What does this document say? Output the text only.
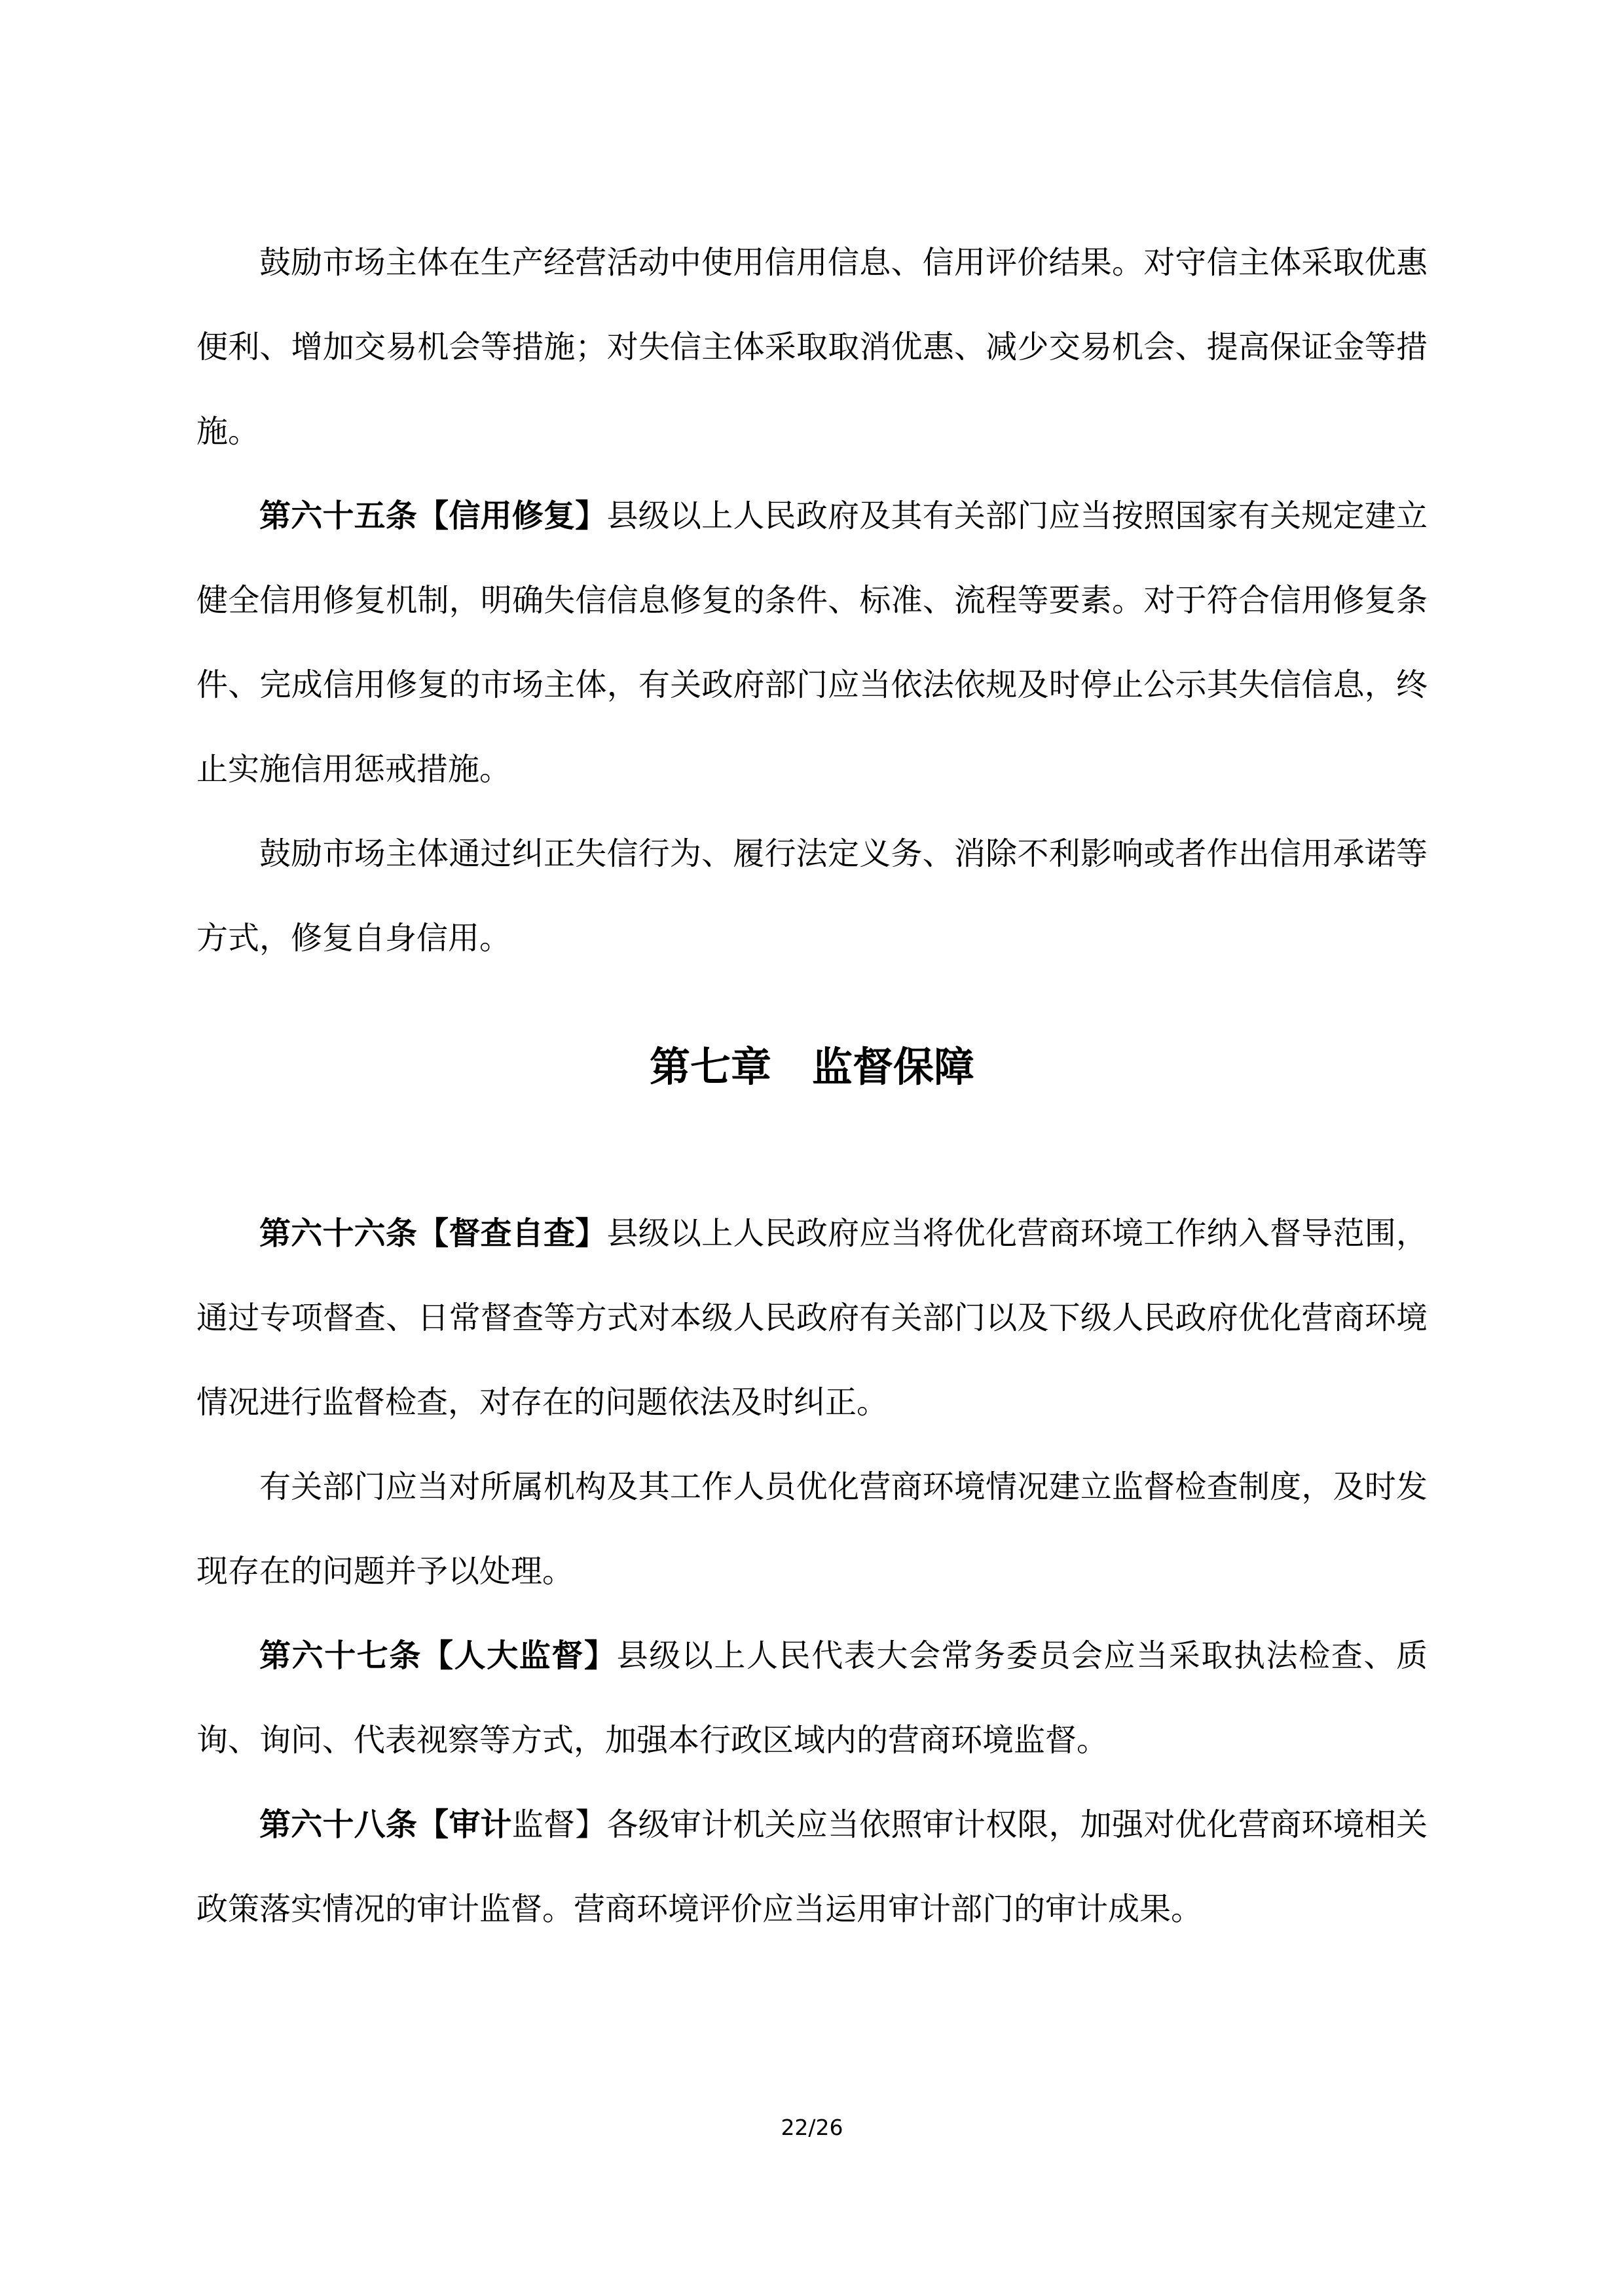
鼓励市场主体在生产经营活动中使用信用信息、信用评价结果。对守信主体采取优惠便利、增加交易机会等措施；对失信主体采取取消优惠、减少交易机会、提高保证金等措施。

第六十五条【信用修复】县级以上人民政府及其有关部门应当按照国家有关规定建立健全信用修复机制，明确失信信息修复的条件、标准、流程等要素。对于符合信用修复条件、完成信用修复的市场主体，有关政府部门应当依法依规及时停止公示其失信信息，终止实施信用惩戒措施。

鼓励市场主体通过纠正失信行为、履行法定义务、消除不利影响或者作出信用承诺等方式，修复自身信用。

第七章　监督保障

第六十六条【督查自查】县级以上人民政府应当将优化营商环境工作纳入督导范围，通过专项督查、日常督查等方式对本级人民政府有关部门以及下级人民政府优化营商环境情况进行监督检查，对存在的问题依法及时纠正。

有关部门应当对所属机构及其工作人员优化营商环境情况建立监督检查制度，及时发现存在的问题并予以处理。

第六十七条【人大监督】县级以上人民代表大会常务委员会应当采取执法检查、质询、询问、代表视察等方式，加强本行政区域内的营商环境监督。

第六十八条【审计监督】各级审计机关应当依照审计权限，加强对优化营商环境相关政策落实情况的审计监督。营商环境评价应当运用审计部门的审计成果。

22/26
